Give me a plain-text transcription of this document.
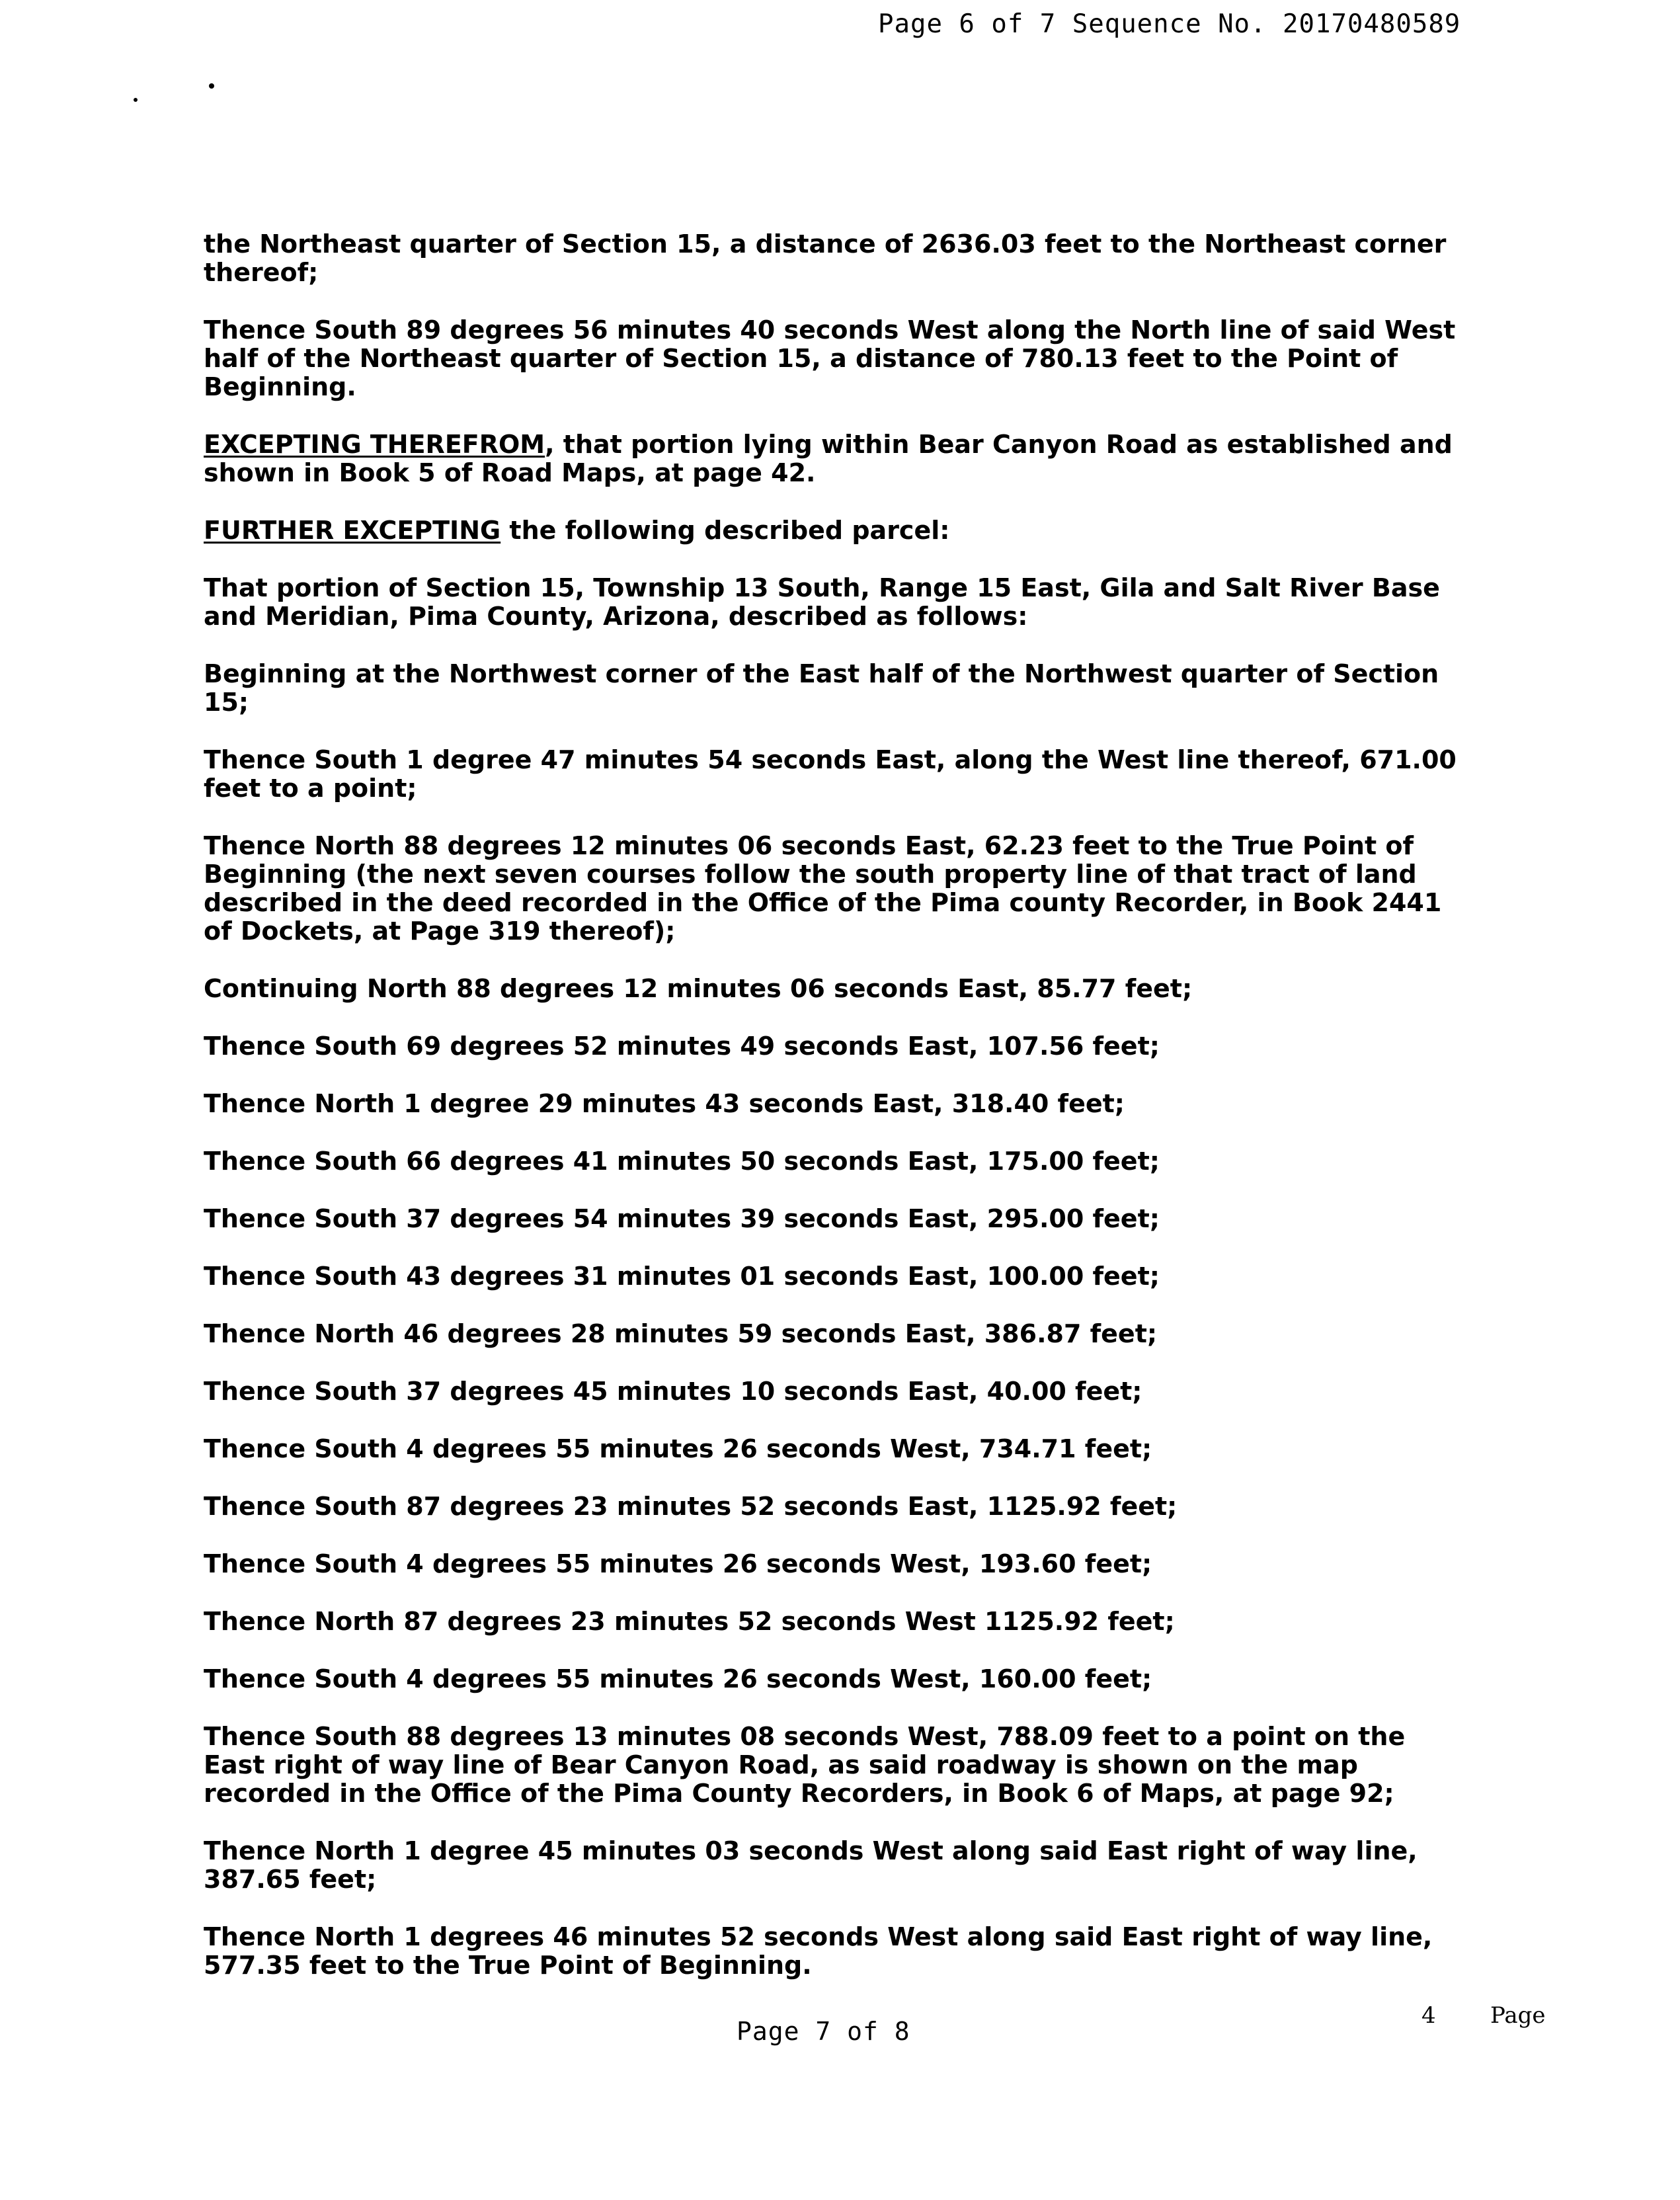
Page 6 of 7 Sequence No. 20170480589

the Northeast quarter of Section 15, a distance of 2636.03 feet to the Northeast corner thereof;

Thence South 89 degrees 56 minutes 40 seconds West along the North line of said West half of the Northeast quarter of Section 15, a distance of 780.13 feet to the Point of Beginning.

EXCEPTING THEREFROM, that portion lying within Bear Canyon Road as established and shown in Book 5 of Road Maps, at page 42.

FURTHER EXCEPTING the following described parcel:

That portion of Section 15, Township 13 South, Range 15 East, Gila and Salt River Base and Meridian, Pima County, Arizona, described as follows:

Beginning at the Northwest corner of the East half of the Northwest quarter of Section 15;

Thence South 1 degree 47 minutes 54 seconds East, along the West line thereof, 671.00 feet to a point;

Thence North 88 degrees 12 minutes 06 seconds East, 62.23 feet to the True Point of Beginning (the next seven courses follow the south property line of that tract of land described in the deed recorded in the Office of the Pima county Recorder, in Book 2441 of Dockets, at Page 319 thereof);

Continuing North 88 degrees 12 minutes 06 seconds East, 85.77 feet;

Thence South 69 degrees 52 minutes 49 seconds East, 107.56 feet;

Thence North 1 degree 29 minutes 43 seconds East, 318.40 feet;

Thence South 66 degrees 41 minutes 50 seconds East, 175.00 feet;

Thence South 37 degrees 54 minutes 39 seconds East, 295.00 feet;

Thence South 43 degrees 31 minutes 01 seconds East, 100.00 feet;

Thence North 46 degrees 28 minutes 59 seconds East, 386.87 feet;

Thence South 37 degrees 45 minutes 10 seconds East, 40.00 feet;

Thence South 4 degrees 55 minutes 26 seconds West, 734.71 feet;

Thence South 87 degrees 23 minutes 52 seconds East, 1125.92 feet;

Thence South 4 degrees 55 minutes 26 seconds West, 193.60 feet;

Thence North 87 degrees 23 minutes 52 seconds West 1125.92 feet;

Thence South 4 degrees 55 minutes 26 seconds West, 160.00 feet;

Thence South 88 degrees 13 minutes 08 seconds West, 788.09 feet to a point on the East right of way line of Bear Canyon Road, as said roadway is shown on the map recorded in the Office of the Pima County Recorders, in Book 6 of Maps, at page 92;

Thence North 1 degree 45 minutes 03 seconds West along said East right of way line, 387.65 feet;

Thence North 1 degrees 46 minutes 52 seconds West along said East right of way line, 577.35 feet to the True Point of Beginning.

Page 7 of 8
4 Page
